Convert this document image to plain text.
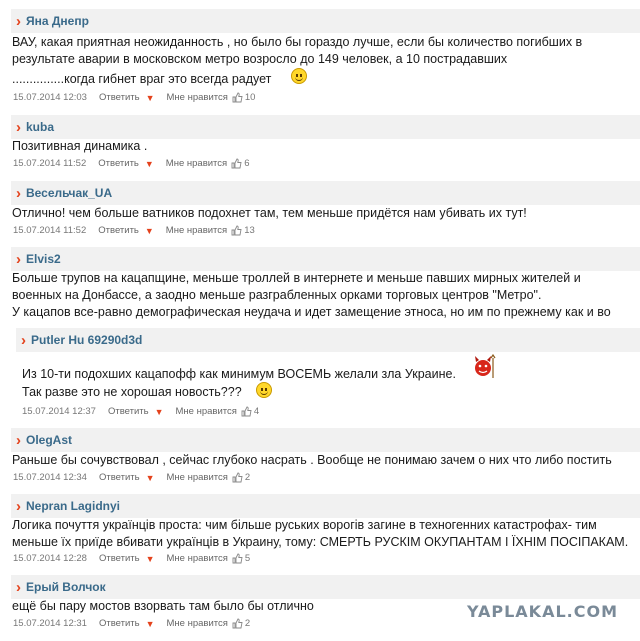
› Яна Днепр
ВАУ, какая приятная неожиданность , но было бы гораздо лучше, если бы количество погибших в
результате аварии в московском метро возросло до 149 человек, а 10 пострадавших
...............когда гибнет враг это всегда радует
15.07.2014 12:03 Ответить ▼ Мне нравится 10
› kuba
Позитивная динамика .
15.07.2014 11:52 Ответить ▼ Мне нравится 6
› Весельчак_UA
Отлично! чем больше ватников подохнет там, тем меньше придётся нам убивать их тут!
15.07.2014 11:52 Ответить ▼ Мне нравится 13
› Elvis2
Больше трупов на кацапщине, меньше троллей в интернете и меньше павших мирных жителей и
военных на Донбассе, а заодно меньше разграбленных орками торговых центров "Метро".
У кацапов все-равно демографическая неудача и идет замещение этноса, но им по прежнему как и во
› Putler Hu 69290d3d
Из 10-ти подохших кацапофф как минимум ВОСЕМЬ желали зла Украине.
Так разве это не хорошая новость???
15.07.2014 12:37 Ответить ▼ Мне нравится 4
› OlegAst
Раньше бы сочувствовал , сейчас глубоко насрать . Вообще не понимаю зачем о них что либо постить
15.07.2014 12:34 Ответить ▼ Мне нравится 2
› Nepran Lagidnyi
Логика почуття українців проста: чим більше руських ворогів загине в техногенних катастрофах- тим
меньше їх приїде вбивати українців в Украину, тому: СМЕРТЬ РУСКІМ ОКУПАНТАМ І ЇХНІМ ПОСІПАКАМ.
15.07.2014 12:28 Ответить ▼ Мне нравится 5
› Ерый Волчок
ещё бы пару мостов взорвать там было бы отлично
15.07.2014 12:31 Ответить ▼ Мне нравится 2
YAPLAKAL.COM
